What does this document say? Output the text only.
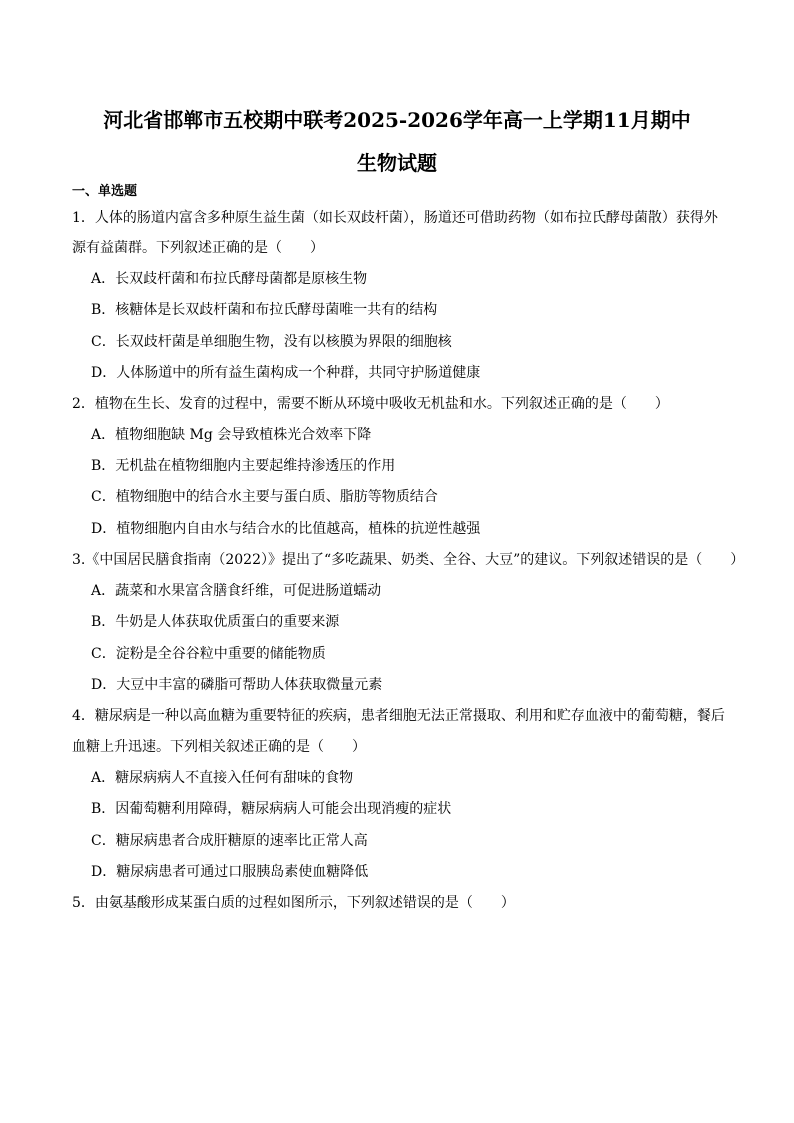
河北省邯郸市五校期中联考2025-2026学年高一上学期11月期中
生物试题
一、单选题
1．人体的肠道内富含多种原生益生菌（如长双歧杆菌），肠道还可借助药物（如布拉氏酵母菌散）获得外
源有益菌群。下列叙述正确的是（　　）
A．长双歧杆菌和布拉氏酵母菌都是原核生物
B．核糖体是长双歧杆菌和布拉氏酵母菌唯一共有的结构
C．长双歧杆菌是单细胞生物，没有以核膜为界限的细胞核
D．人体肠道中的所有益生菌构成一个种群，共同守护肠道健康
2．植物在生长、发育的过程中，需要不断从环境中吸收无机盐和水。下列叙述正确的是（　　）
A．植物细胞缺 Mg 会导致植株光合效率下降
B．无机盐在植物细胞内主要起维持渗透压的作用
C．植物细胞中的结合水主要与蛋白质、脂肪等物质结合
D．植物细胞内自由水与结合水的比值越高，植株的抗逆性越强
3.《中国居民膳食指南（2022）》提出了“多吃蔬果、奶类、全谷、大豆”的建议。下列叙述错误的是（　　）
A．蔬菜和水果富含膳食纤维，可促进肠道蠕动
B．牛奶是人体获取优质蛋白的重要来源
C．淀粉是全谷谷粒中重要的储能物质
D．大豆中丰富的磷脂可帮助人体获取微量元素
4．糖尿病是一种以高血糖为重要特征的疾病，患者细胞无法正常摄取、利用和贮存血液中的葡萄糖，餐后
血糖上升迅速。下列相关叙述正确的是（　　）
A．糖尿病病人不直接入任何有甜味的食物
B．因葡萄糖利用障碍，糖尿病病人可能会出现消瘦的症状
C．糖尿病患者合成肝糖原的速率比正常人高
D．糖尿病患者可通过口服胰岛素使血糖降低
5．由氨基酸形成某蛋白质的过程如图所示，下列叙述错误的是（　　）
